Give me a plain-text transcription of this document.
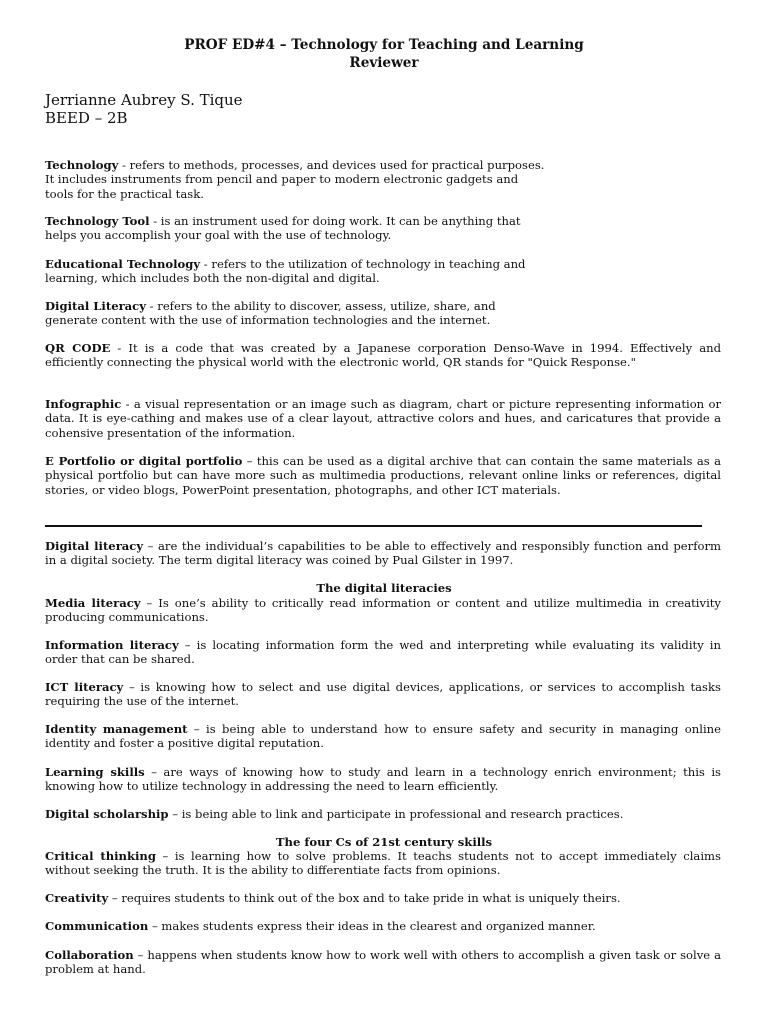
PROF ED#4 – Technology for Teaching and Learning
Reviewer
Jerrianne Aubrey S. Tique
BEED – 2B

Technology - refers to methods, processes, and devices used for practical purposes.
It includes instruments from pencil and paper to modern electronic gadgets and
tools for the practical task.

Technology Tool - is an instrument used for doing work. It can be anything that
helps you accomplish your goal with the use of technology.

Educational Technology - refers to the utilization of technology in teaching and
learning, which includes both the non-digital and digital.

Digital Literacy - refers to the ability to discover, assess, utilize, share, and
generate content with the use of information technologies and the internet.

QR CODE - It is a code that was created by a Japanese corporation Denso-Wave in 1994. Effectively and efficiently connecting the physical world with the electronic world, QR stands for "Quick Response."

Infographic - a visual representation or an image such as diagram, chart or picture representing information or data. It is eye-cathing and makes use of a clear layout, attractive colors and hues, and caricatures that provide a cohensive presentation of the information.

E Portfolio or digital portfolio – this can be used as a digital archive that can contain the same materials as a physical portfolio but can have more such as multimedia productions, relevant online links or references, digital stories, or video blogs, PowerPoint presentation, photographs, and other ICT materials.

Digital literacy – are the individual’s capabilities to be able to effectively and responsibly function and perform in a digital society. The term digital literacy was coined by Pual Gilster in 1997.

The digital literacies

Media literacy – Is one’s ability to critically read information or content and utilize multimedia in creativity producing communications.

Information literacy – is locating information form the wed and interpreting while evaluating its validity in order that can be shared.

ICT literacy – is knowing how to select and use digital devices, applications, or services to accomplish tasks requiring the use of the internet.

Identity management – is being able to understand how to ensure safety and security in managing online identity and foster a positive digital reputation.

Learning skills – are ways of knowing how to study and learn in a technology enrich environment; this is knowing how to utilize technology in addressing the need to learn efficiently.

Digital scholarship – is being able to link and participate in professional and research practices.

The four Cs of 21st century skills

Critical thinking – is learning how to solve problems. It teachs students not to accept immediately claims without seeking the truth. It is the ability to differentiate facts from opinions.

Creativity – requires students to think out of the box and to take pride in what is uniquely theirs.

Communication – makes students express their ideas in the clearest and organized manner.

Collaboration – happens when students know how to work well with others to accomplish a given task or solve a problem at hand.
